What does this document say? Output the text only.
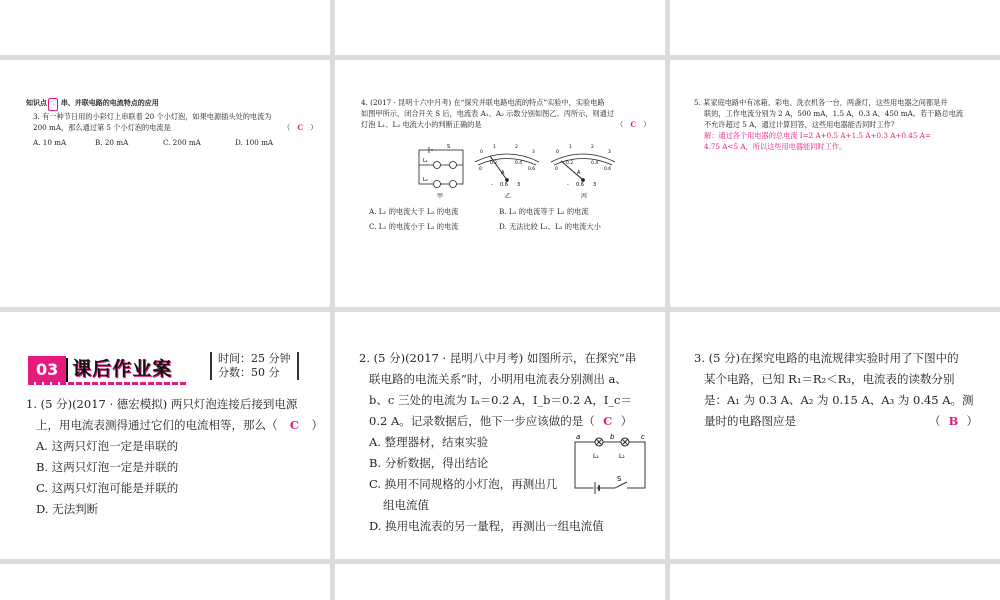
知识点 二 串、并联电路的电流特点的应用
3. 有一种节日用的小彩灯上串联着 20 个小灯泡，如果电源插头处的电流为
200 mA，那么通过第 5 个小灯泡的电流是	（ C ）
A. 10 mA	B. 20 mA	C. 200 mA	D. 100 mA
4. (2017 · 昆明十六中月考) 在“探究并联电路电流的特点”实验中，实验电路
如图甲所示，闭合开关 S 后，电流表 A₁、A₂ 示数分别如图乙、丙所示，则通过
灯泡 L₁、L₂ 电流大小的判断正确的是	（ C ）
L₁
L₂
S
甲
A
0
1	2
3
0
0.2	0.4
0.6
- 0.6 3
乙
A
0
1	2
3
0
0.2	0.4
0.6
- 0.6 3
丙
A. L₁ 的电流大于 L₂ 的电流	B. L₁ 的电流等于 L₂ 的电流
C. L₁ 的电流小于 L₂ 的电流	D. 无法比较 L₁、L₂ 的电流大小
5. 某家庭电路中有冰箱、彩电、洗衣机各一台，两盏灯，这些用电器之间都是并
联的，工作电流分别为 2 A，500 mA，1.5 A，0.3 A，450 mA。若干路总电流
不允许超过 5 A，通过计算回答，这些用电器能否同时工作？
解：通过各个用电器的总电流 I=2 A+0.5 A+1.5 A+0.3 A+0.45 A=
4.75 A<5 A，所以这些用电器能同时工作。
03 课后作业案	时间：25 分钟
分数：50 分
1. (5 分)(2017 · 德宏模拟) 两只灯泡连接后接到电源
上，用电流表测得通过它们的电流相等，那么（ C ）
A. 这两只灯泡一定是串联的
B. 这两只灯泡一定是并联的
C. 这两只灯泡可能是并联的
D. 无法判断
2. (5 分)(2017 · 昆明八中月考) 如图所示，在探究“串
联电路的电流关系”时，小明用电流表分别测出 a、
b、c 三处的电流为 Iₐ＝0.2 A，I_b＝0.2 A，I_c＝
0.2 A。记录数据后，他下一步应该做的是（ C ）
A. 整理器材，结束实验
B. 分析数据，得出结论
C. 换用不同规格的小灯泡，再测出几
组电流值
D. 换用电流表的另一量程，再测出一组电流值
a	b	c
L₁	L₂
S
3. (5 分)在探究电路的电流规律实验时用了下图中的
某个电路，已知 R₁＝R₂＜R₃，电流表的读数分别
是：A₁ 为 0.3 A、A₂ 为 0.15 A、A₃ 为 0.45 A。测
量时的电路图应是	（ B ）
